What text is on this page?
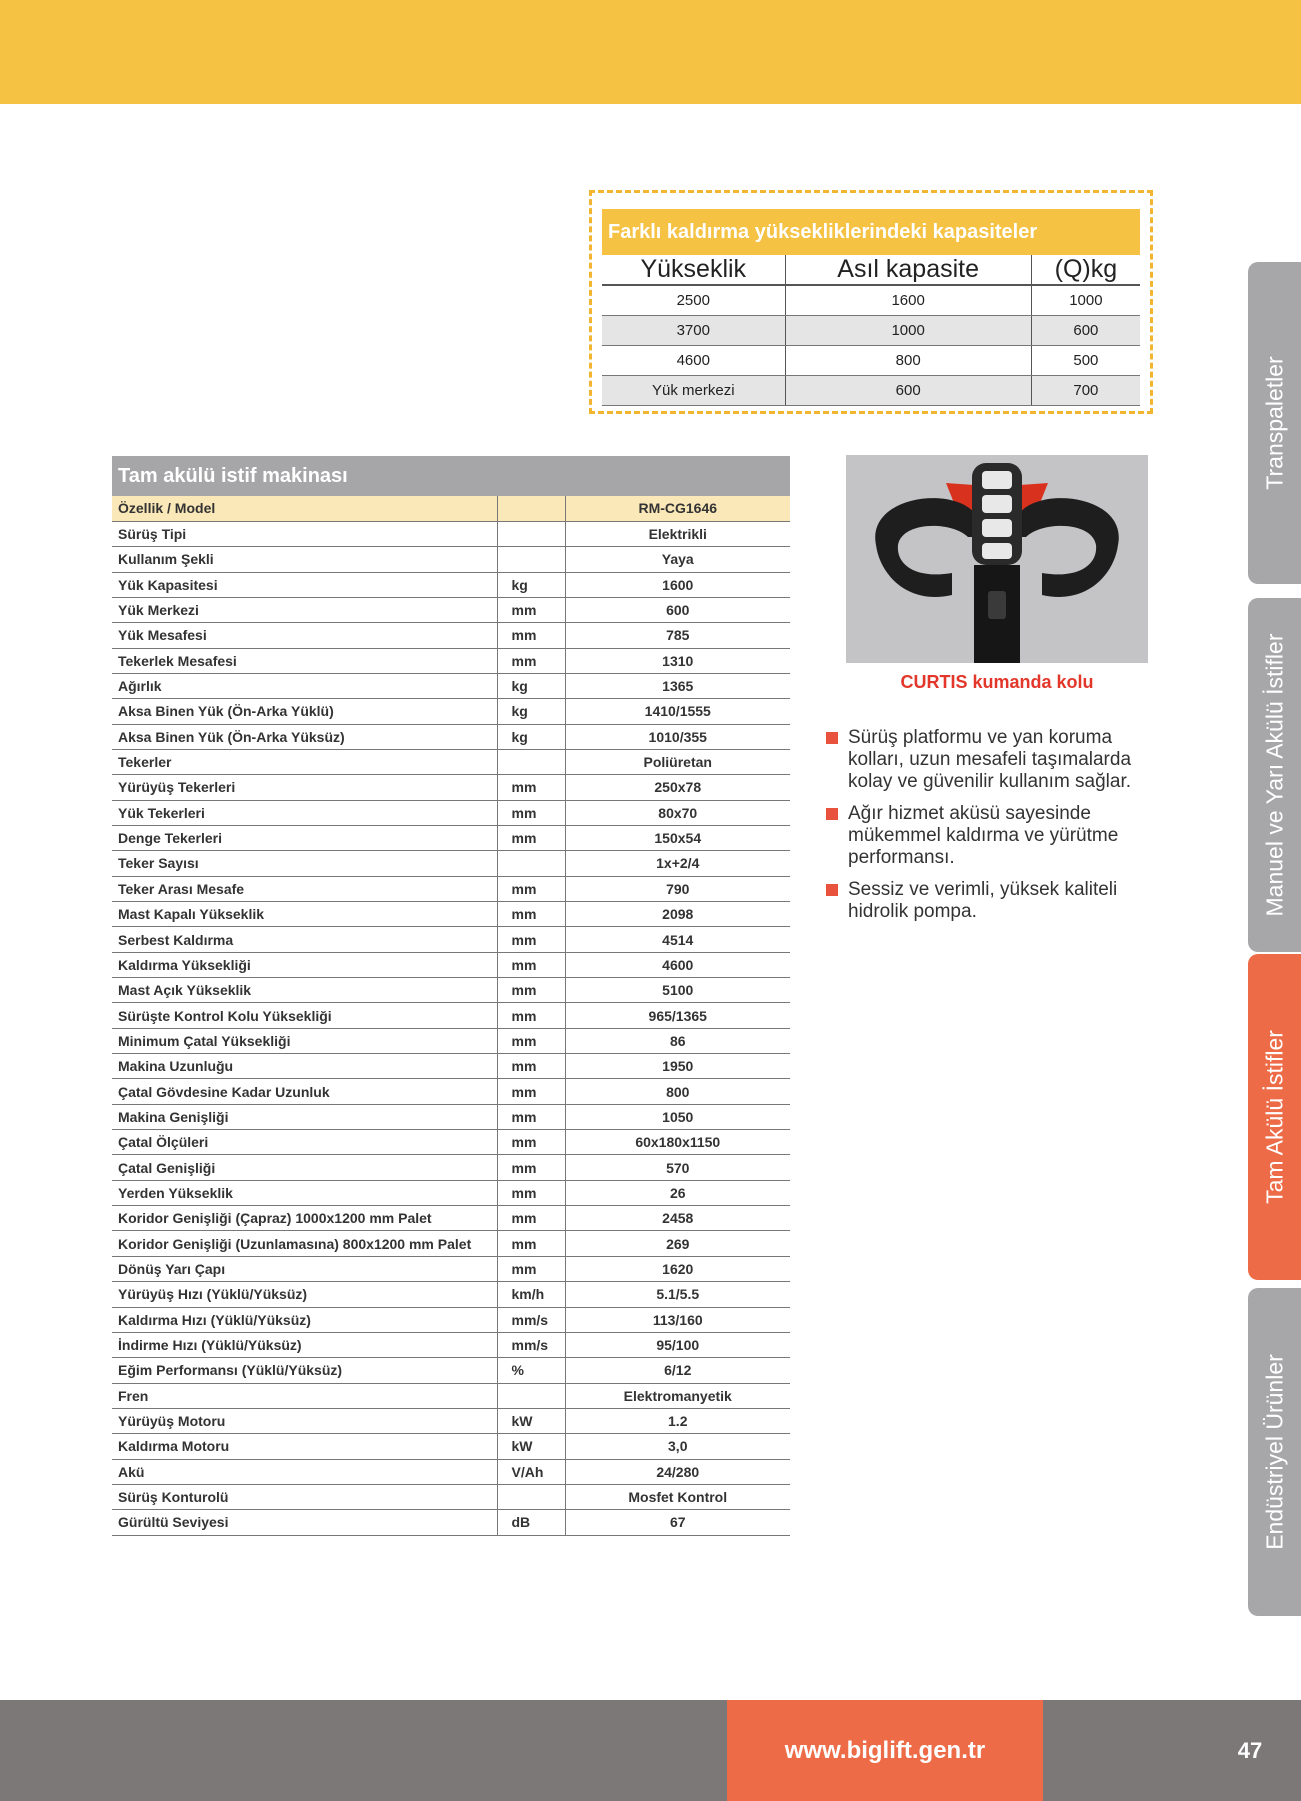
Farklı kaldırma yüksekliklerindeki kapasiteler
Yükseklik	Asıl kapasite	(Q)kg
2500	1600	1000
3700	1000	600
4600	800	500
Yük merkezi	600	700
Tam akülü istif makinası
Özellik / Model		RM-CG1646
Sürüş Tipi		Elektrikli
Kullanım Şekli		Yaya
Yük Kapasitesi	kg	1600
Yük Merkezi	mm	600
Yük Mesafesi	mm	785
Tekerlek Mesafesi	mm	1310
Ağırlık	kg	1365
Aksa Binen Yük (Ön-Arka Yüklü)	kg	1410/1555
Aksa Binen Yük (Ön-Arka Yüksüz)	kg	1010/355
Tekerler		Poliüretan
Yürüyüş Tekerleri	mm	250x78
Yük Tekerleri	mm	80x70
Denge Tekerleri	mm	150x54
Teker Sayısı		1x+2/4
Teker Arası Mesafe	mm	790
Mast Kapalı Yükseklik	mm	2098
Serbest Kaldırma	mm	4514
Kaldırma Yüksekliği	mm	4600
Mast Açık Yükseklik	mm	5100
Sürüşte Kontrol Kolu Yüksekliği	mm	965/1365
Minimum Çatal Yüksekliği	mm	86
Makina Uzunluğu	mm	1950
Çatal Gövdesine Kadar Uzunluk	mm	800
Makina Genişliği	mm	1050
Çatal Ölçüleri	mm	60x180x1150
Çatal Genişliği	mm	570
Yerden Yükseklik	mm	26
Koridor Genişliği (Çapraz) 1000x1200 mm Palet	mm	2458
Koridor Genişliği (Uzunlamasına) 800x1200 mm Palet	mm	269
Dönüş Yarı Çapı	mm	1620
Yürüyüş Hızı (Yüklü/Yüksüz)	km/h	5.1/5.5
Kaldırma Hızı (Yüklü/Yüksüz)	mm/s	113/160
İndirme Hızı (Yüklü/Yüksüz)	mm/s	95/100
Eğim Performansı (Yüklü/Yüksüz)	%	6/12
Fren		Elektromanyetik
Yürüyüş Motoru	kW	1.2
Kaldırma Motoru	kW	3,0
Akü	V/Ah	24/280
Sürüş Konturolü		Mosfet Kontrol
Gürültü Seviyesi	dB	67
CURTIS kumanda kolu
Sürüş platformu ve yan koruma kolları, uzun mesafeli taşımalarda kolay ve güvenilir kullanım sağlar.
Ağır hizmet aküsü sayesinde mükemmel kaldırma ve yürütme performansı.
Sessiz ve verimli, yüksek kaliteli hidrolik pompa.
Transpaletler
Manuel ve Yarı Akülü İstifler
Tam Akülü İstifler
Endüstriyel Ürünler
www.biglift.gen.tr	47
